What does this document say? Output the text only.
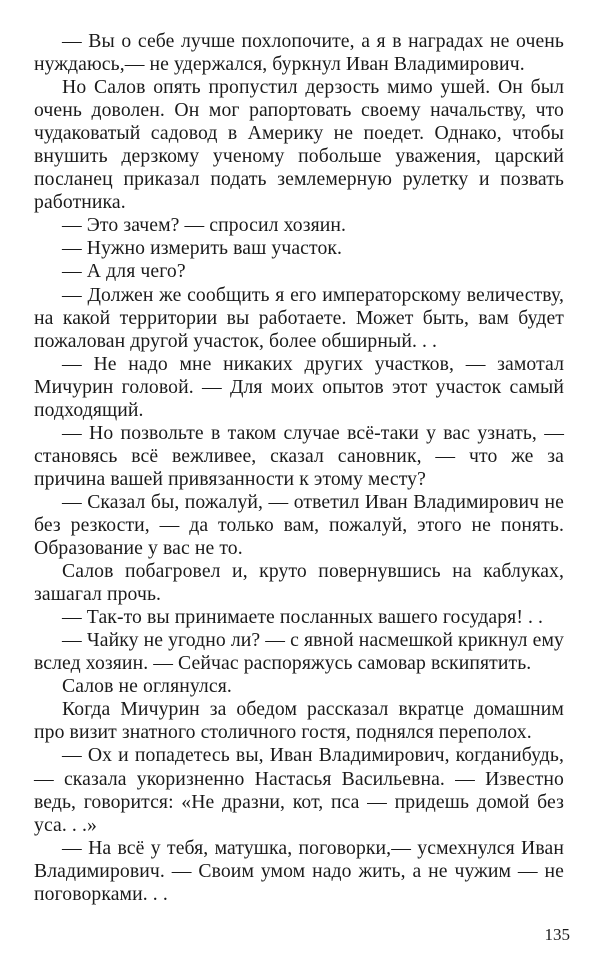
— Вы о себе лучше похлопочите, а я в наградах не очень нуждаюсь,— не удержался, буркнул Иван Владимирович.

Но Салов опять пропустил дерзость мимо ушей. Он был очень доволен. Он мог рапортовать своему начальству, что чудаковатый садовод в Америку не поедет. Однако, чтобы внушить дерзкому ученому побольше уважения, царский посланец приказал подать землемерную рулетку и позвать работника.

— Это зачем? — спросил хозяин.

— Нужно измерить ваш участок.

— А для чего?

— Должен же сообщить я его императорскому величеству, на какой территории вы работаете. Может быть, вам будет пожалован другой участок, более обширный. . .

— Не надо мне никаких других участков, — замотал Мичурин головой. — Для моих опытов этот участок самый подходящий.

— Но позвольте в таком случае всё-таки у вас узнать, — становясь всё вежливее, сказал сановник, — что же за причина вашей привязанности к этому месту?

— Сказал бы, пожалуй, — ответил Иван Владимирович не без резкости, — да только вам, пожалуй, этого не понять. Образование у вас не то.

Салов побагровел и, круто повернувшись на каблуках, зашагал прочь.

— Так-то вы принимаете посланных вашего государя! . .

— Чайку не угодно ли? — с явной насмешкой крикнул ему вслед хозяин. — Сейчас распоряжусь самовар вскипятить.

Салов не оглянулся.

Когда Мичурин за обедом рассказал вкратце домашним про визит знатного столичного гостя, поднялся переполох.

— Ох и попадетесь вы, Иван Владимирович, когданибудь, — сказала укоризненно Настасья Васильевна. — Известно ведь, говорится: «Не дразни, кот, пса — придешь домой без уса. . .»

— На всё у тебя, матушка, поговорки,— усмехнулся Иван Владимирович. — Своим умом надо жить, а не чужим — не поговорками. . .

135
